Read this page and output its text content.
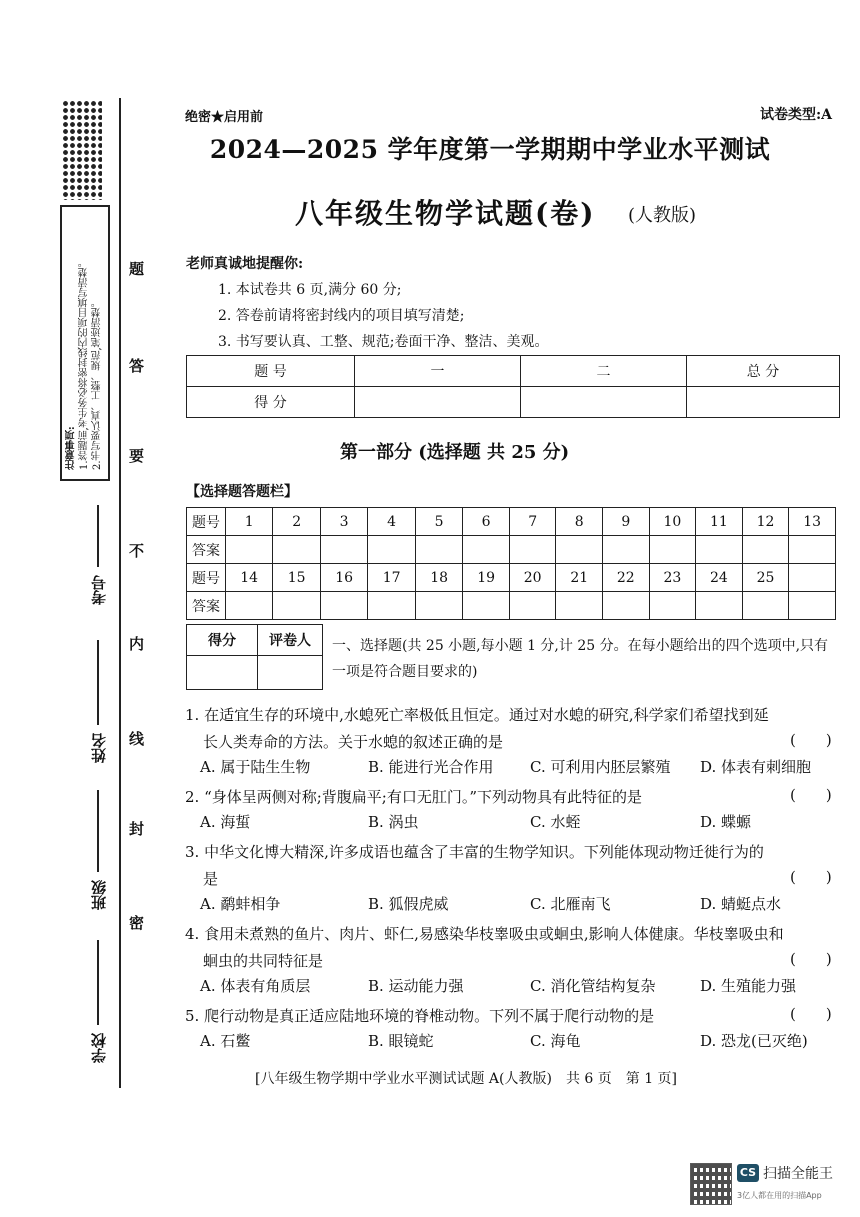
注意事项: 1.答题前,考生务必将密封线内的项目填写清楚。 2.书写要认真、工整、规范,笔迹清楚。
考号
姓名
班级
学校
题
答
要
不
内
线
封
密
绝密★启用前	试卷类型:A
2024—2025 学年度第一学期期中学业水平测试
八年级生物学试题(卷) (人教版)
老师真诚地提醒你:
1. 本试卷共 6 页,满分 60 分;
2. 答卷前请将密封线内的项目填写清楚;
3. 书写要认真、工整、规范;卷面干净、整洁、美观。
题 号	一	二	总 分
得 分			
第一部分 (选择题 共 25 分)
【选择题答题栏】
题号	1	2	3	4	5	6	7	8	9	10	11	12	13
答案													
题号	14	15	16	17	18	19	20	21	22	23	24	25	
答案													
得分	评卷人
	一、选择题(共 25 小题,每小题 1 分,计 25 分。在每小题给出的四个选项中,只有一项是符合题目要求的)
1. 在适宜生存的环境中,水螅死亡率极低且恒定。通过对水螅的研究,科学家们希望找到延
长人类寿命的方法。关于水螅的叙述正确的是	(　　)
A. 属于陆生生物	B. 能进行光合作用 C. 可利用内胚层繁殖 D. 体表有刺细胞
2. “身体呈两侧对称;背腹扁平;有口无肛门。”下列动物具有此特征的是	(　　)
A. 海蜇	B. 涡虫	C. 水蛭	D. 蝶螈
3. 中华文化博大精深,许多成语也蕴含了丰富的生物学知识。下列能体现动物迁徙行为的
是	(　　)
A. 鹬蚌相争	B. 狐假虎威	C. 北雁南飞	D. 蜻蜓点水
4. 食用未煮熟的鱼片、肉片、虾仁,易感染华枝睾吸虫或蛔虫,影响人体健康。华枝睾吸虫和
蛔虫的共同特征是	(　　)
A. 体表有角质层	B. 运动能力强	C. 消化管结构复杂	D. 生殖能力强
5. 爬行动物是真正适应陆地环境的脊椎动物。下列不属于爬行动物的是	(　　)
A. 石鳖	B. 眼镜蛇	C. 海龟	D. 恐龙(已灭绝)
[八年级生物学期中学业水平测试试题 A(人教版)　共 6 页　第 1 页]
CS 扫描全能王
3亿人都在用的扫描App
